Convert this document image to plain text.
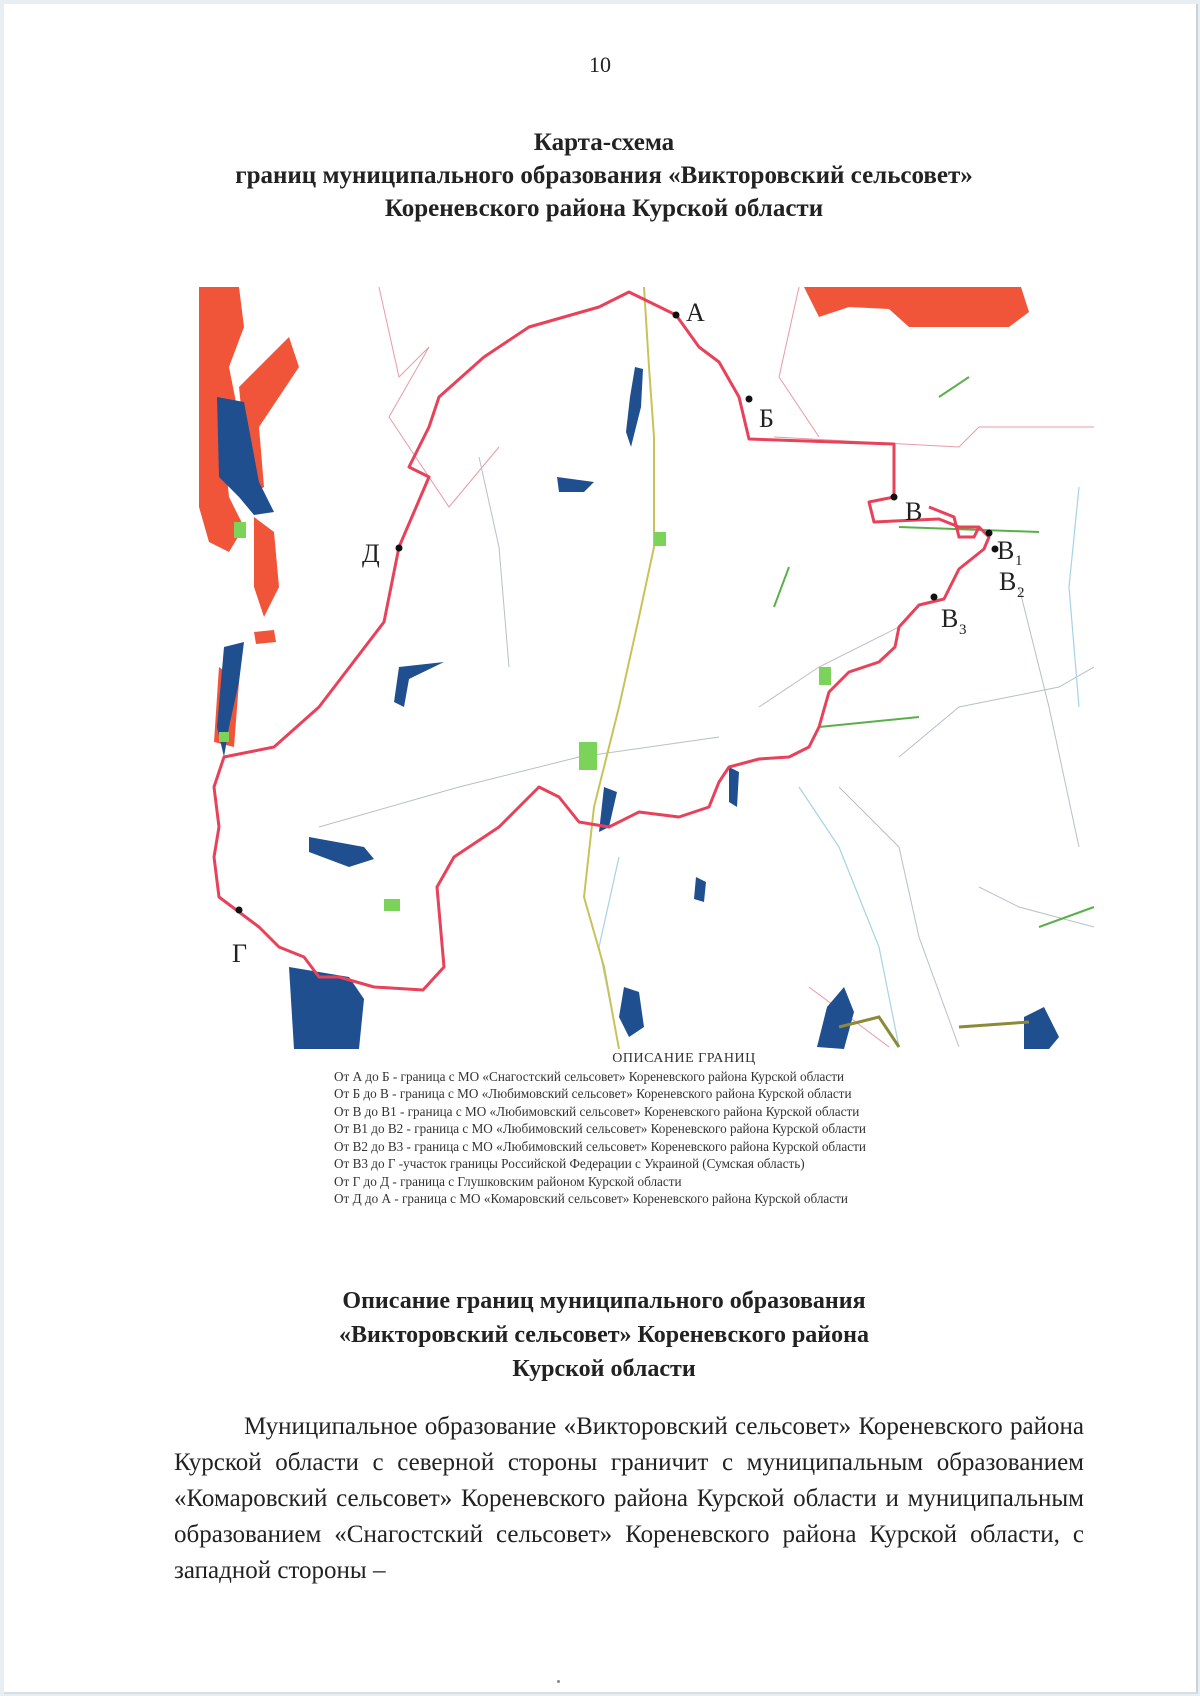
10
Карта-схема
границ муниципального образования «Викторовский сельсовет»
Кореневского района Курской области
А
Б
В
В 1
В 2
В 3
Г
Д
ОПИСАНИЕ ГРАНИЦ
От А до Б - граница с МО «Снагостский сельсовет» Кореневского района Курской области
От Б до В - граница с МО «Любимовский сельсовет» Кореневского района Курской области
От В до В1 - граница с МО «Любимовский сельсовет» Кореневского района Курской области
От В1 до В2 - граница с МО «Любимовский сельсовет» Кореневского района Курской области
От В2 до В3 - граница с МО «Любимовский сельсовет» Кореневского района Курской области
От В3 до Г -участок границы Российской Федерации с Украиной (Сумская область)
От Г до Д - граница с Глушковским районом Курской области
От Д до А - граница с МО «Комаровский сельсовет» Кореневского района Курской области
Описание границ муниципального образования
«Викторовский сельсовет» Кореневского района
Курской области

Муниципальное образование «Викторовский сельсовет» Кореневского района Курской области с северной стороны граничит с муниципальным образованием «Комаровский сельсовет» Кореневского района Курской области и муниципальным образованием «Снагостский сельсовет» Кореневского района Курской области, с западной стороны –
